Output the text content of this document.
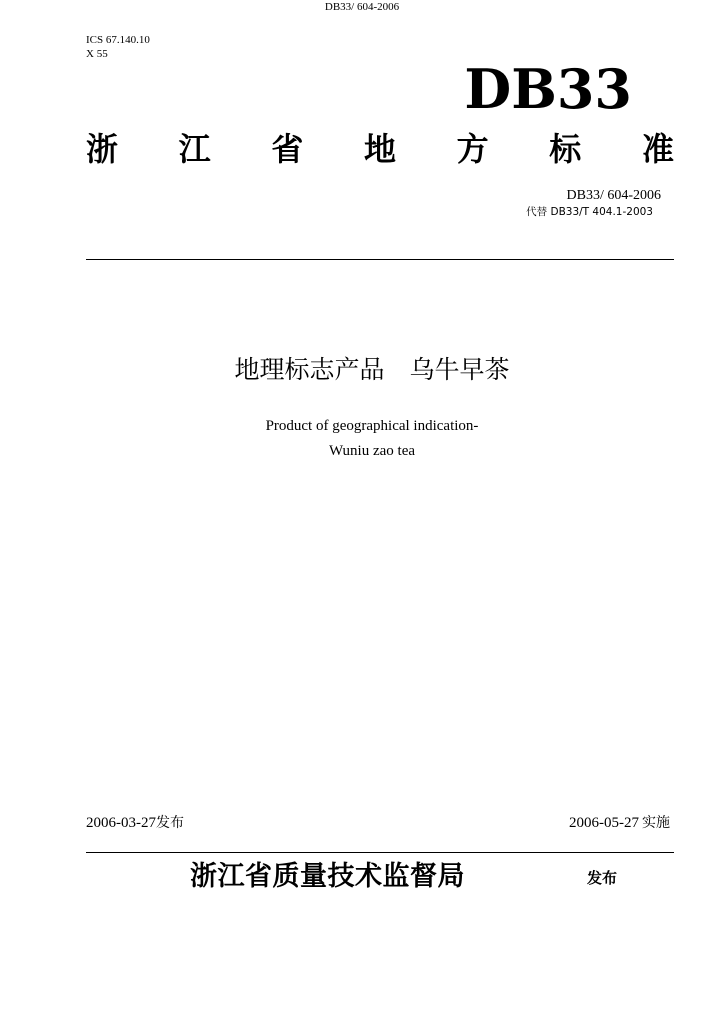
DB33/ 604-2006
ICS 67.140.10
X 55
DB33
浙 江 省 地 方 标 准
DB33/ 604-2006
代替 DB33/T 404.1-2003
地理标志产品　乌牛早茶
Product of geographical indication-
Wuniu zao tea
2006-03-27发布	2006-05-27  实施
浙江省质量技术监督局	发布
